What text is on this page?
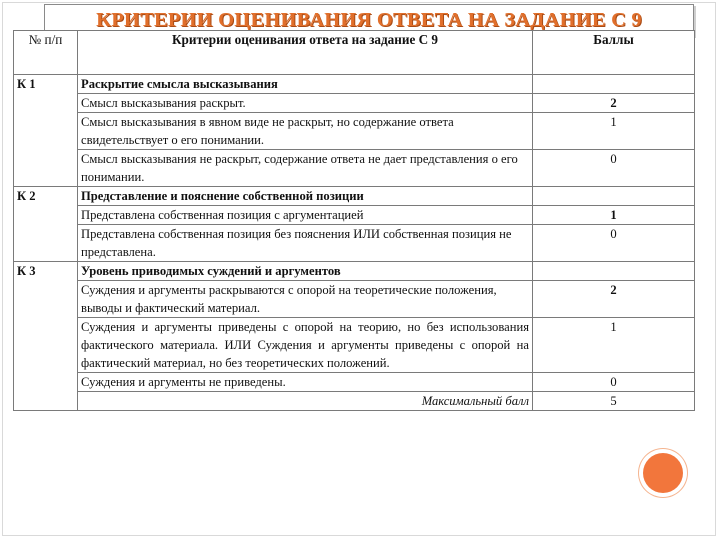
КРИТЕРИИ ОЦЕНИВАНИЯ ОТВЕТА НА ЗАДАНИЕ С 9
№ п/п	Критерии оценивания ответа на задание С 9	Баллы
К 1	Раскрытие смысла высказывания	
	Смысл высказывания раскрыт.	2
	Смысл высказывания в явном виде не раскрыт, но содержание ответа свидетельствует о его понимании.	1
	Смысл высказывания не раскрыт, содержание ответа не дает представления о его понимании.	0
К 2	Представление и пояснение собственной позиции	
	Представлена собственная позиция с аргументацией	1
	Представлена собственная позиция без пояснения ИЛИ собственная позиция не представлена.	0
К 3	Уровень приводимых суждений и аргументов	
	Суждения и аргументы раскрываются с опорой на теоретические положения, выводы и фактический материал.	2
	Суждения и аргументы приведены с опорой на теорию, но без использования фактического материала. ИЛИ Суждения и аргументы приведены с опорой на фактический материал, но без теоретических положений.	1
	Суждения и аргументы не приведены.	0
	Максимальный балл	5
